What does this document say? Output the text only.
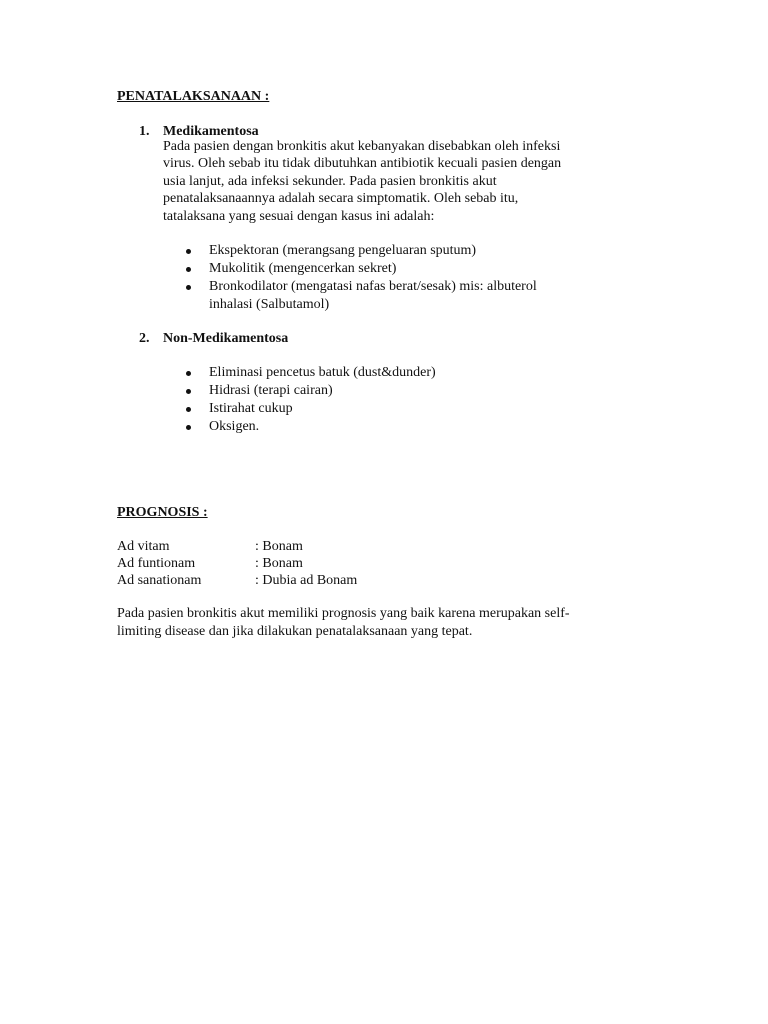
PENATALAKSANAAN :
1. Medikamentosa
Pada pasien dengan bronkitis akut kebanyakan disebabkan oleh infeksi
virus. Oleh sebab itu tidak dibutuhkan antibiotik kecuali pasien dengan
usia lanjut, ada infeksi sekunder. Pada pasien bronkitis akut
penatalaksanaannya adalah secara simptomatik. Oleh sebab itu,
tatalaksana yang sesuai dengan kasus ini adalah:
Ekspektoran (merangsang pengeluaran sputum)
Mukolitik (mengencerkan sekret)
Bronkodilator (mengatasi nafas berat/sesak) mis: albuterol
inhalasi (Salbutamol)
2. Non-Medikamentosa
Eliminasi pencetus batuk (dust&dunder)
Hidrasi (terapi cairan)
Istirahat cukup
Oksigen.
PROGNOSIS :
Ad vitam	: Bonam
Ad funtionam	: Bonam
Ad sanationam	: Dubia ad Bonam
Pada pasien bronkitis akut memiliki prognosis yang baik karena merupakan self-
limiting disease dan jika dilakukan penatalaksanaan yang tepat.
